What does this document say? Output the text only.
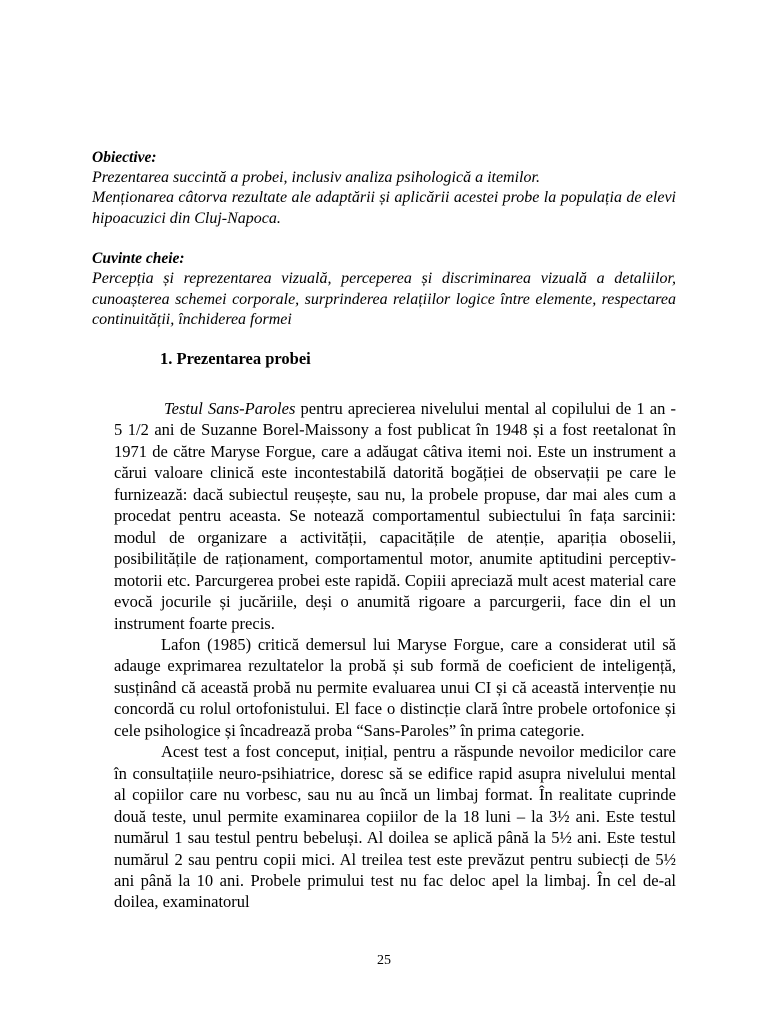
Obiective:

Prezentarea succintă a probei, inclusiv analiza psihologică a itemilor.

Menționarea câtorva rezultate ale adaptării și aplicării acestei probe la populația de elevi hipoacuzici din Cluj-Napoca.

Cuvinte cheie:

Percepția și reprezentarea vizuală, perceperea și discriminarea vizuală a detaliilor, cunoașterea schemei corporale, surprinderea relațiilor logice între elemente, respectarea continuității, închiderea formei

1. Prezentarea probei

Testul Sans-Paroles pentru aprecierea nivelului mental al copilului de 1 an - 5 1/2 ani de Suzanne Borel-Maissony a fost publicat în 1948 și a fost reetalonat în 1971 de către Maryse Forgue, care a adăugat câtiva itemi noi. Este un instrument a cărui valoare clinică este incontestabilă datorită bogăției de observații pe care le furnizează: dacă subiectul reușește, sau nu, la probele propuse, dar mai ales cum a procedat pentru aceasta. Se notează comportamentul subiectului în fața sarcinii: modul de organizare a activității, capacitățile de atenție, apariția oboselii, posibilitățile de raționament, comportamentul motor, anumite aptitudini perceptiv-motorii etc. Parcurgerea probei este rapidă. Copiii apreciază mult acest material care evocă jocurile și jucăriile, deși o anumită rigoare a parcurgerii, face din el un instrument foarte precis.

Lafon (1985) critică demersul lui Maryse Forgue, care a considerat util să adauge exprimarea rezultatelor la probă și sub formă de coeficient de inteligență, susținând că această probă nu permite evaluarea unui CI și că această intervenție nu concordă cu rolul ortofonistului. El face o distincție clară între probele ortofonice și cele psihologice și încadrează proba “Sans-Paroles” în prima categorie.

Acest test a fost conceput, inițial, pentru a răspunde nevoilor medicilor care în consultațiile neuro-psihiatrice, doresc să se edifice rapid asupra nivelului mental al copiilor care nu vorbesc, sau nu au încă un limbaj format. În realitate cuprinde două teste, unul permite examinarea copiilor de la 18 luni – la 3½ ani. Este testul numărul 1 sau testul pentru bebeluși. Al doilea se aplică până la 5½ ani. Este testul numărul 2 sau pentru copii mici. Al treilea test este prevăzut pentru subiecți de 5½ ani până la 10 ani. Probele primului test nu fac deloc apel la limbaj. În cel de-al doilea, examinatorul

25
